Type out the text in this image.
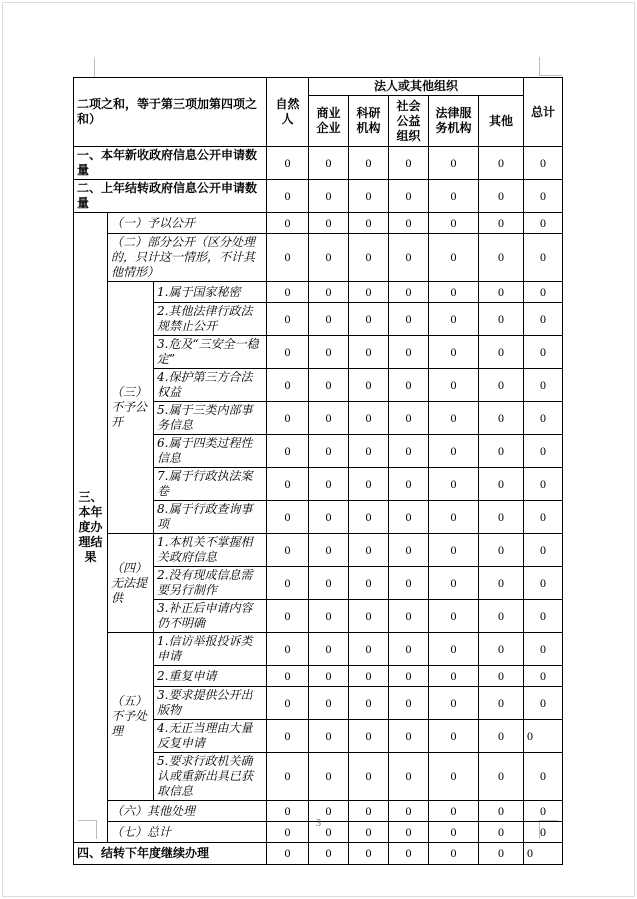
二项之和，等于第三项加第四项之和）			自然人	法人或其他组织					总计
				商业企业	科研机构	社会公益组织	法律服务机构	其他	
一、本年新收政府信息公开申请数量			0	0	0	0	0	0	0
二、上年结转政府信息公开申请数量			0	0	0	0	0	0	0
三、本年度办理结果	（一）予以公开		0	0	0	0	0	0	0
	（二）部分公开（区分处理的，只计这一情形，不计其他情形）		0	0	0	0	0	0	0
	（三）不予公开	1.属于国家秘密	0	0	0	0	0	0	0
		2.其他法律行政法规禁止公开	0	0	0	0	0	0	0
		3.危及“三安全一稳定”	0	0	0	0	0	0	0
		4.保护第三方合法权益	0	0	0	0	0	0	0
		5.属于三类内部事务信息	0	0	0	0	0	0	0
		6.属于四类过程性信息	0	0	0	0	0	0	0
		7.属于行政执法案卷	0	0	0	0	0	0	0
		8.属于行政查询事项	0	0	0	0	0	0	0
	（四）无法提供	1.本机关不掌握相关政府信息	0	0	0	0	0	0	0
		2.没有现成信息需要另行制作	0	0	0	0	0	0	0
		3.补正后申请内容仍不明确	0	0	0	0	0	0	0
	（五）不予处理	1.信访举报投诉类申请	0	0	0	0	0	0	0
		2.重复申请	0	0	0	0	0	0	0
		3.要求提供公开出版物	0	0	0	0	0	0	0
		4.无正当理由大量反复申请	0	0	0	0	0	0	0
		5.要求行政机关确认或重新出具已获取信息	0	0	0	0	0	0	0
	（六）其他处理		0	0	0	0	0	0	0
	（七）总计		0	0	0	0	0	0	0
四、结转下年度继续办理			0	0	0	0	0	0	0
3
